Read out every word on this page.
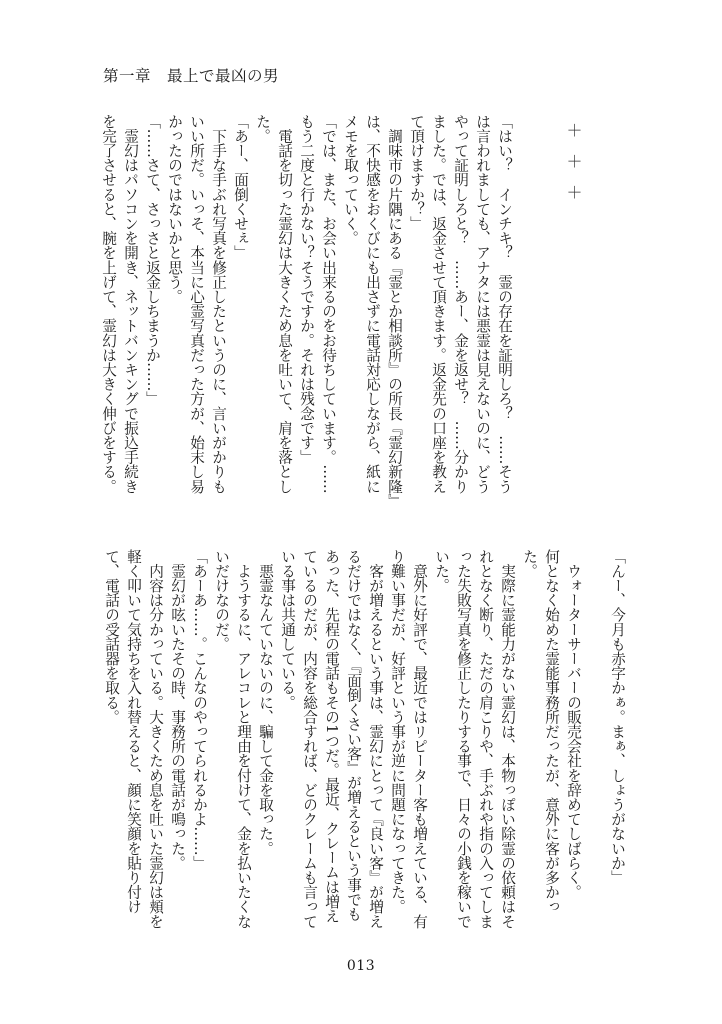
第一章　最上で最凶の男
＋＋＋
「はい？　インチキ？　霊の存在を証明しろ？　……そう
は言われましても、アナタには悪霊は見えないのに、どう
やって証明しろと？　……あー、金を返せ？　……分かり
ました。では、返金させて頂きます。返金先の口座を教え
て頂けますか？」
　調味市の片隅にある『霊とか相談所』の所長『霊幻新隆』
は、不快感をおくびにも出さずに電話対応しながら、紙に
メモを取っていく。
「では、また、お会い出来るのをお待ちしています。……
もう二度と行かない？そうですか。それは残念です」
　電話を切った霊幻は大きくため息を吐いて、肩を落とし
た。
「あー、面倒くせぇ」
　下手な手ぶれ写真を修正したというのに、言いがかりも
いい所だ。いっそ、本当に心霊写真だった方が、始末し易
かったのではないかと思う。
「……さて、さっさと返金しちまうか……」
　霊幻はパソコンを開き、ネットバンキングで振込手続き
を完了させると、腕を上げて、霊幻は大きく伸びをする。
「んー、今月も赤字かぁ。まぁ、しょうがないか」
　ウォーターサーバーの販売会社を辞めてしばらく。
何となく始めた霊能事務所だったが、意外に客が多かっ
た。
　実際に霊能力がない霊幻は、本物っぽい除霊の依頼はそ
れとなく断り、ただの肩こりや、手ぶれや指の入ってしま
った失敗写真を修正したりする事で、日々の小銭を稼いで
いた。
　意外に好評で、最近ではリピーター客も増えている、有
り難い事だが、好評という事が逆に問題になってきた。
　客が増えるという事は、霊幻にとって『良い客』が増え
るだけではなく、『面倒くさい客』が増えるという事でも
あった、先程の電話もその1つだ。最近、クレームは増え
ているのだが、内容を総合すれば、どのクレームも言って
いる事は共通している。
　悪霊なんていないのに、騙して金を取った。
　ようするに、アレコレと理由を付けて、金を払いたくな
いだけなのだ。
「あーあ……。こんなのやってられるかよ……」
　霊幻が呟いたその時、事務所の電話が鳴った。
　内容は分かっている。大きくため息を吐いた霊幻は頬を
軽く叩いて気持ちを入れ替えると、顔に笑顔を貼り付け
て、電話の受話器を取る。
013
